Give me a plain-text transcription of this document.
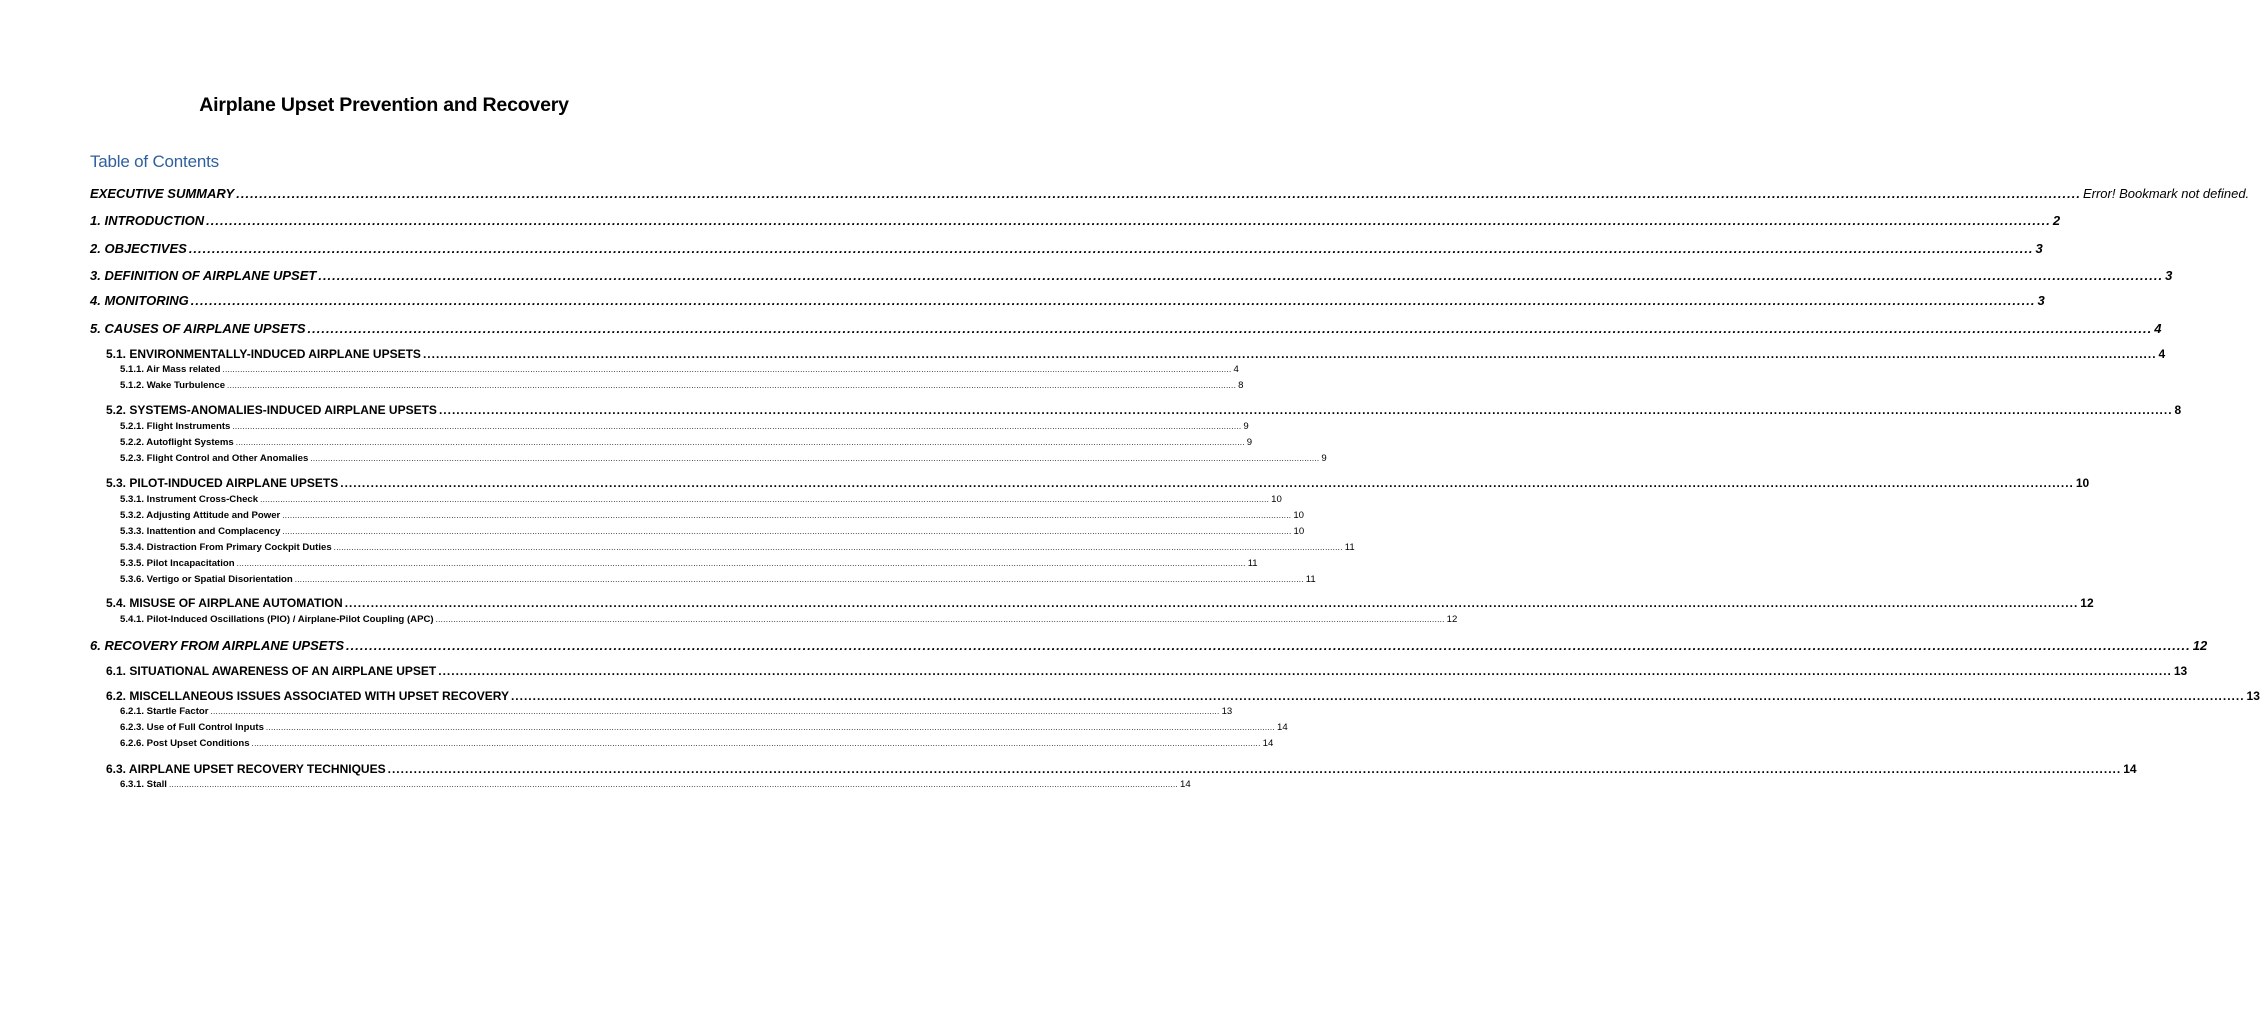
Airplane Upset Prevention and Recovery
Table of Contents
EXECUTIVE SUMMARY ................................................................................................................................................................................................................................................................................................................................................................................................................ Error! Bookmark not defined.
1. INTRODUCTION ................................................................................................................................................................................................................................................................................................................................................................................................................ 2
2. OBJECTIVES ................................................................................................................................................................................................................................................................................................................................................................................................................ 3
3. DEFINITION OF AIRPLANE UPSET ................................................................................................................................................................................................................................................................................................................................................................................................................ 3
4. MONITORING ................................................................................................................................................................................................................................................................................................................................................................................................................ 3
5. CAUSES OF AIRPLANE UPSETS ................................................................................................................................................................................................................................................................................................................................................................................................................ 4
5.1. ENVIRONMENTALLY-INDUCED AIRPLANE UPSETS ................................................................................................................................................................................................................................................................................................................................................................................................................ 4
5.1.1. Air Mass related ................................................................................................................................................................................................................................................................................................................................................................................................................ 4
5.1.2. Wake Turbulence ................................................................................................................................................................................................................................................................................................................................................................................................................ 8
5.2. SYSTEMS-ANOMALIES-INDUCED AIRPLANE UPSETS ................................................................................................................................................................................................................................................................................................................................................................................................................ 8
5.2.1. Flight Instruments ................................................................................................................................................................................................................................................................................................................................................................................................................ 9
5.2.2. Autoflight Systems ................................................................................................................................................................................................................................................................................................................................................................................................................ 9
5.2.3. Flight Control and Other Anomalies ................................................................................................................................................................................................................................................................................................................................................................................................................ 9
5.3. PILOT-INDUCED AIRPLANE UPSETS ................................................................................................................................................................................................................................................................................................................................................................................................................ 10
5.3.1. Instrument Cross-Check ................................................................................................................................................................................................................................................................................................................................................................................................................ 10
5.3.2. Adjusting Attitude and Power ................................................................................................................................................................................................................................................................................................................................................................................................................ 10
5.3.3. Inattention and Complacency ................................................................................................................................................................................................................................................................................................................................................................................................................ 10
5.3.4. Distraction From Primary Cockpit Duties ................................................................................................................................................................................................................................................................................................................................................................................................................ 11
5.3.5. Pilot Incapacitation ................................................................................................................................................................................................................................................................................................................................................................................................................ 11
5.3.6. Vertigo or Spatial Disorientation ................................................................................................................................................................................................................................................................................................................................................................................................................ 11
5.4. MISUSE OF AIRPLANE AUTOMATION ................................................................................................................................................................................................................................................................................................................................................................................................................ 12
5.4.1. Pilot-Induced Oscillations (PIO) / Airplane-Pilot Coupling (APC) ................................................................................................................................................................................................................................................................................................................................................................................................................ 12
6. RECOVERY FROM AIRPLANE UPSETS ................................................................................................................................................................................................................................................................................................................................................................................................................ 12
6.1. SITUATIONAL AWARENESS OF AN AIRPLANE UPSET ................................................................................................................................................................................................................................................................................................................................................................................................................ 13
6.2. MISCELLANEOUS ISSUES ASSOCIATED WITH UPSET RECOVERY ................................................................................................................................................................................................................................................................................................................................................................................................................ 13
6.2.1. Startle Factor ................................................................................................................................................................................................................................................................................................................................................................................................................ 13
6.2.3. Use of Full Control Inputs ................................................................................................................................................................................................................................................................................................................................................................................................................ 14
6.2.6. Post Upset Conditions ................................................................................................................................................................................................................................................................................................................................................................................................................ 14
6.3. AIRPLANE UPSET RECOVERY TECHNIQUES ................................................................................................................................................................................................................................................................................................................................................................................................................ 14
6.3.1. Stall ................................................................................................................................................................................................................................................................................................................................................................................................................ 14
